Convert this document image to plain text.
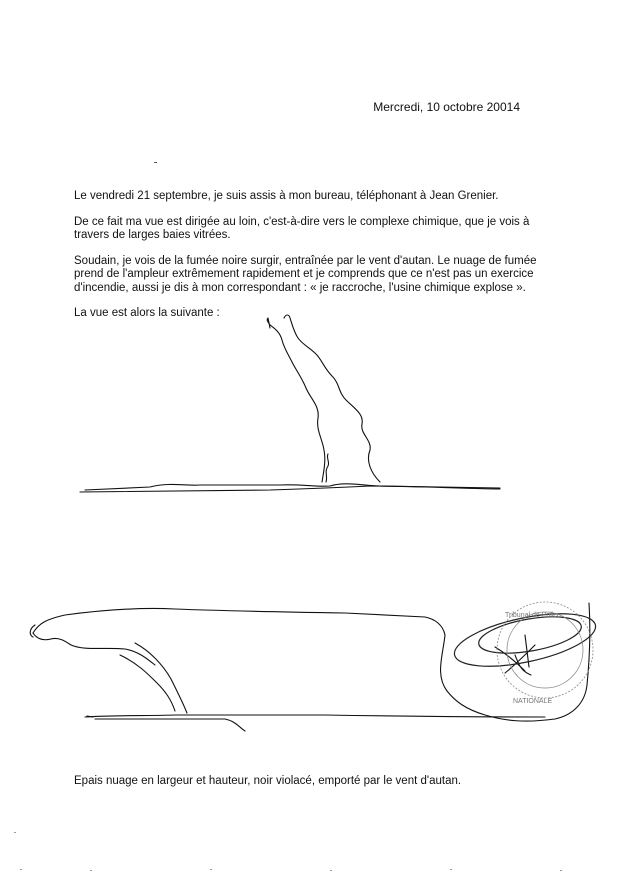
Mercredi, 10 octobre 20014

Le vendredi 21 septembre, je suis assis à mon bureau, téléphonant à Jean Grenier.

De ce fait ma vue est dirigée au loin, c'est-à-dire vers le complexe chimique, que je vois à travers de larges baies vitrées.

Soudain, je vois de la fumée noire surgir, entraînée par le vent d'autan. Le nuage de fumée prend de l'ampleur extrêmement rapidement et je comprends que ce n'est pas un exercice d'incendie, aussi je dis à mon correspondant : « je raccroche, l'usine chimique explose ».

La vue est alors la suivante :

Tribunal de Police
NATIONALE
Epais nuage en largeur et hauteur, noir violacé, emporté par le vent d'autan.
